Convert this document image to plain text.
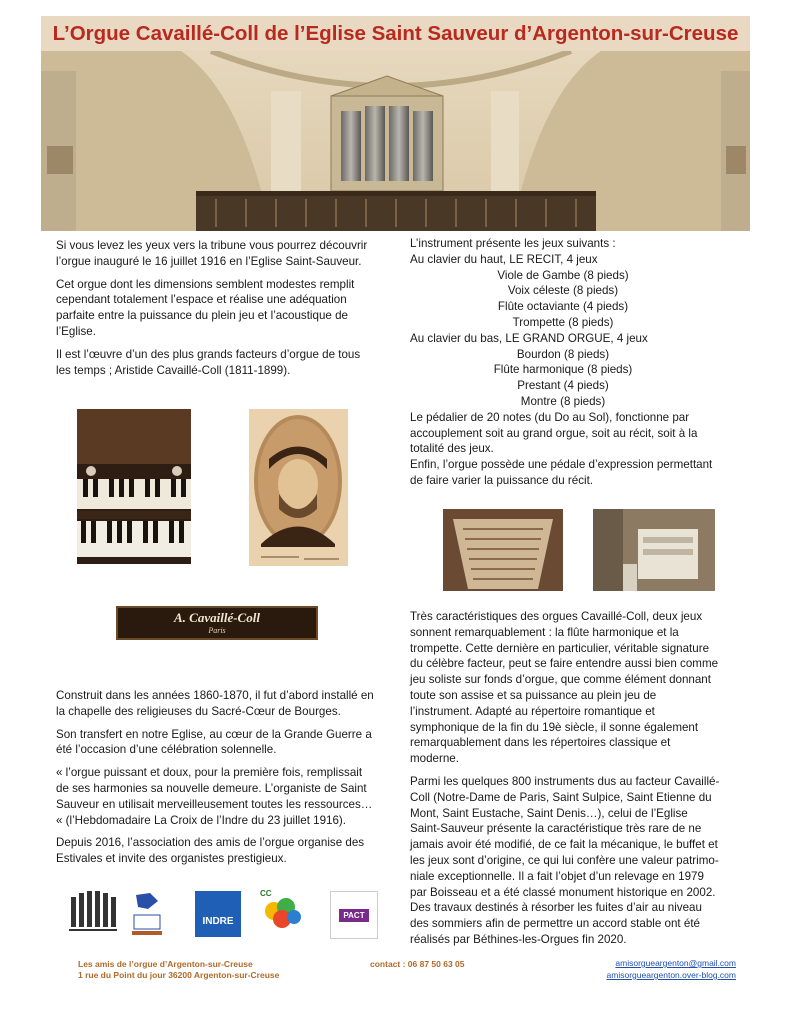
L’Orgue Cavaillé-Coll de l’Eglise Saint Sauveur d’Argenton-sur-Creuse

Si vous levez les yeux vers la tribune vous pourrez découvrir l’orgue inauguré le 16 juillet 1916 en l’Eglise Saint-Sauveur.

Cet orgue dont les dimensions semblent modestes remplit cependant totalement l’espace et réalise une adéquation parfaite entre la puissance du plein jeu et l’acoustique de l’Eglise.

Il est l’œuvre d’un des plus grands facteurs d’orgue de tous les temps ; Aristide Cavaillé-Coll (1811-1899).

A. Cavaillé-Coll
Paris

Construit dans les années 1860-1870, il fut d’abord installé en la chapelle des religieuses du Sacré-Cœur de Bourges.

Son transfert en notre Eglise, au cœur de la Grande Guerre a été l’occasion d’une célébration solennelle.

« l’orgue puissant et doux, pour la première fois, remplissait de ses harmonies sa nouvelle demeure. L’organiste de Saint Sauveur en utilisait merveilleusement toutes les ressources… « (l’Hebdomadaire La Croix de l’Indre du 23 juillet 1916).

Depuis 2016, l’association des amis de l’orgue organise des Estivales et invite des organistes prestigieux.

INDRE
CC
PACT
L’instrument présente les jeux suivants :
Au clavier du haut, LE RECIT, 4 jeux
Viole de Gambe (8 pieds)
Voix céleste (8 pieds)
Flûte octaviante (4 pieds)
Trompette (8 pieds)
Au clavier du bas, LE GRAND ORGUE, 4 jeux
Bourdon (8 pieds)
Flûte harmonique (8 pieds)
Prestant (4 pieds)
Montre (8 pieds)
Le pédalier de 20 notes (du Do au Sol), fonctionne par accouplement soit au grand orgue, soit au récit, soit à la totalité des jeux.
Enfin, l’orgue possède une pédale d’expression permettant de faire varier la puissance du récit.

Très caractéristiques des orgues Cavaillé-Coll, deux jeux sonnent remarquablement : la flûte harmonique et la trompette. Cette dernière en particulier, véritable signature du célèbre facteur, peut se faire entendre aussi bien comme jeu soliste sur fonds d’orgue, que comme élément donnant toute son assise et sa puissance au plein jeu de l’instrument. Adapté au répertoire romantique et symphonique de la fin du 19è siècle, il sonne également remarquablement dans les répertoires classique et moderne.

Parmi les quelques 800 instruments dus au facteur Cavaillé-Coll (Notre-Dame de Paris, Saint Sulpice, Saint Etienne du Mont, Saint Eustache, Saint Denis…), celui de l’Eglise Saint-Sauveur présente la caractéristique très rare de ne jamais avoir été modifié, de ce fait la mécanique, le buffet et les jeux sont d’origine, ce qui lui confère une valeur patrimo-niale exceptionnelle. Il a fait l’objet d’un relevage en 1979 par Boisseau et a été classé monument historique en 2002. Des travaux destinés à résorber les fuites d’air au niveau des sommiers afin de permettre un accord stable ont été réalisés par Béthines-les-Orgues fin 2020.

Les amis de l’orgue d’Argenton-sur-Creuse
1 rue du Point du jour 36200 Argenton-sur-Creuse
contact : 06 87 50 63 05	amisorgueargenton@gmail.com
amisorgueargenton.over-blog.com
